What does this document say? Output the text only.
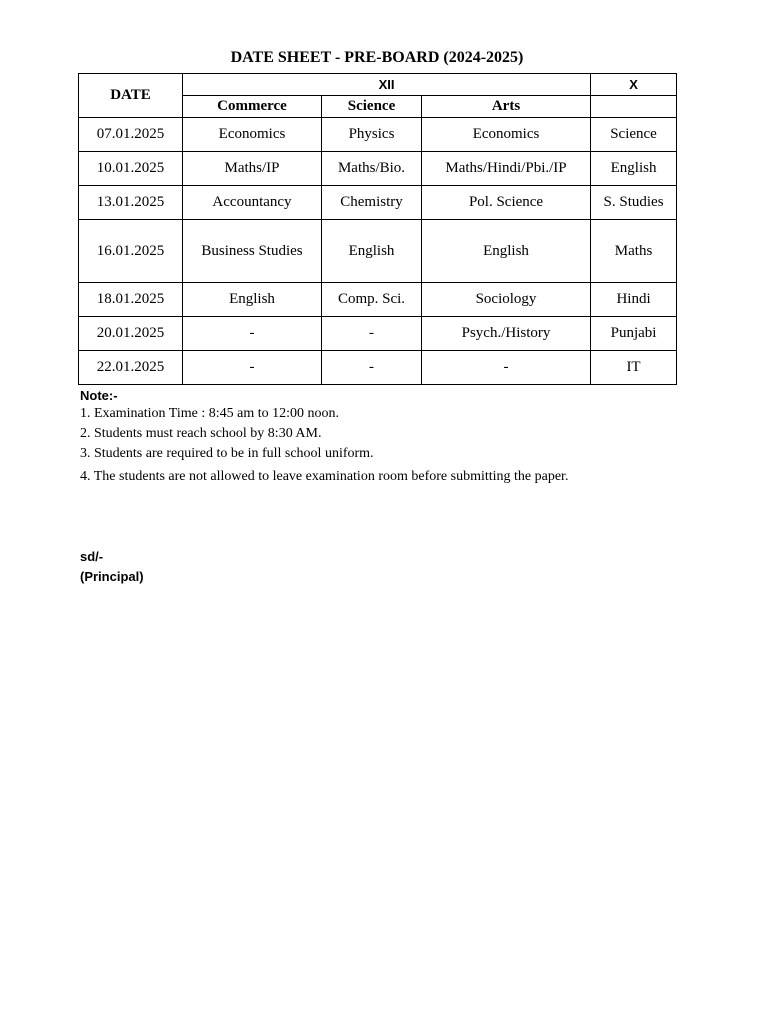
DATE SHEET - PRE-BOARD (2024-2025)
DATE	XII			X
	Commerce	Science	Arts	
07.01.2025	Economics	Physics	Economics	Science
10.01.2025	Maths/IP	Maths/Bio.	Maths/Hindi/Pbi./IP	English
13.01.2025	Accountancy	Chemistry	Pol. Science	S. Studies
16.01.2025	Business Studies	English	English	Maths
18.01.2025	English	Comp. Sci.	Sociology	Hindi
20.01.2025	-	-	Psych./History	Punjabi
22.01.2025	-	-	-	IT
Note:-
1. Examination Time : 8:45 am to 12:00 noon.
2. Students must reach school by 8:30 AM.
3. Students are required to be in full school uniform.
4. The students are not allowed to leave examination room before submitting the paper.
sd/-
(Principal)
